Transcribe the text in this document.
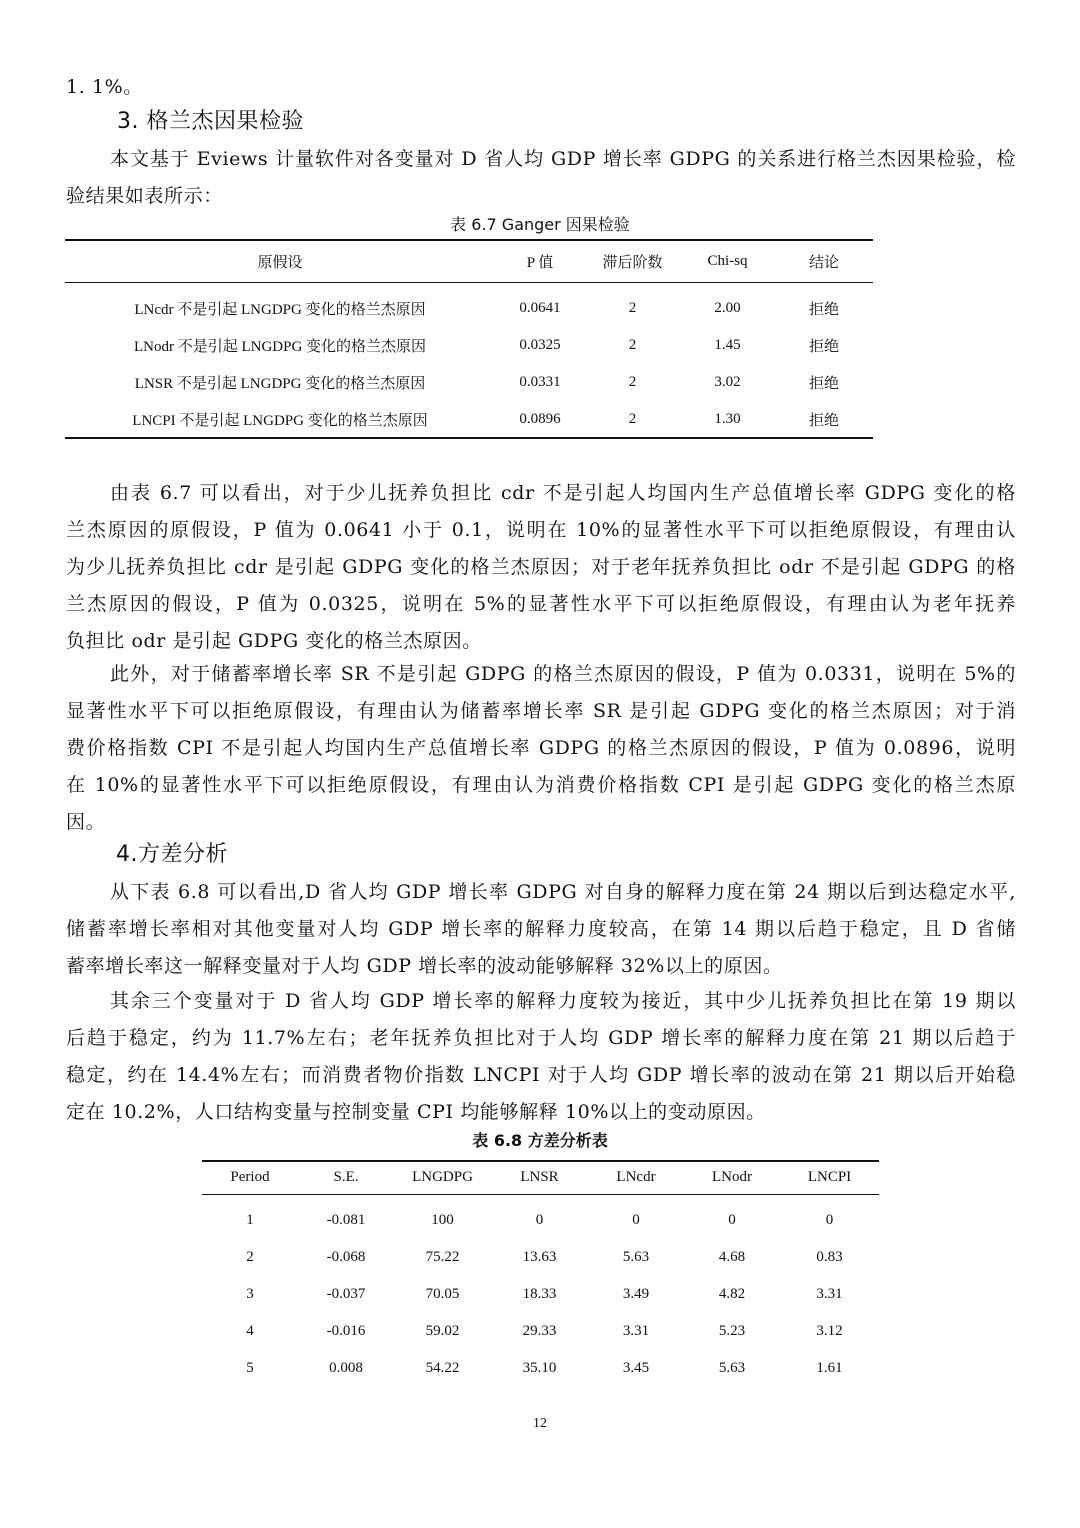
1. 1%。
3. 格兰杰因果检验
本文基于 Eviews 计量软件对各变量对 D 省人均 GDP 增长率 GDPG 的关系进行格兰杰因果检验，检
验结果如表所示：
表 6.7 Ganger 因果检验
原假设	P 值	滞后阶数	Chi-sq	结论
LNcdr 不是引起 LNGDPG 变化的格兰杰原因	0.0641	2	2.00	拒绝
LNodr 不是引起 LNGDPG 变化的格兰杰原因	0.0325	2	1.45	拒绝
LNSR 不是引起 LNGDPG 变化的格兰杰原因	0.0331	2	3.02	拒绝
LNCPI 不是引起 LNGDPG 变化的格兰杰原因	0.0896	2	1.30	拒绝
由表 6.7 可以看出，对于少儿抚养负担比 cdr 不是引起人均国内生产总值增长率 GDPG 变化的格
兰杰原因的原假设，P 值为 0.0641 小于 0.1，说明在 10%的显著性水平下可以拒绝原假设，有理由认
为少儿抚养负担比 cdr 是引起 GDPG 变化的格兰杰原因；对于老年抚养负担比 odr 不是引起 GDPG 的格
兰杰原因的假设，P 值为 0.0325，说明在 5%的显著性水平下可以拒绝原假设，有理由认为老年抚养
负担比 odr 是引起 GDPG 变化的格兰杰原因。
此外，对于储蓄率增长率 SR 不是引起 GDPG 的格兰杰原因的假设，P 值为 0.0331，说明在 5%的
显著性水平下可以拒绝原假设，有理由认为储蓄率增长率 SR 是引起 GDPG 变化的格兰杰原因；对于消
费价格指数 CPI 不是引起人均国内生产总值增长率 GDPG 的格兰杰原因的假设，P 值为 0.0896，说明
在 10%的显著性水平下可以拒绝原假设，有理由认为消费价格指数 CPI 是引起 GDPG 变化的格兰杰原
因。
4.方差分析
从下表 6.8 可以看出,D 省人均 GDP 增长率 GDPG 对自身的解释力度在第 24 期以后到达稳定水平,
储蓄率增长率相对其他变量对人均 GDP 增长率的解释力度较高，在第 14 期以后趋于稳定，且 D 省储
蓄率增长率这一解释变量对于人均 GDP 增长率的波动能够解释 32%以上的原因。
其余三个变量对于 D 省人均 GDP 增长率的解释力度较为接近，其中少儿抚养负担比在第 19 期以
后趋于稳定，约为 11.7%左右；老年抚养负担比对于人均 GDP 增长率的解释力度在第 21 期以后趋于
稳定，约在 14.4%左右；而消费者物价指数 LNCPI 对于人均 GDP 增长率的波动在第 21 期以后开始稳
定在 10.2%，人口结构变量与控制变量 CPI 均能够解释 10%以上的变动原因。
表 6.8 方差分析表
Period	S.E.	LNGDPG	LNSR	LNcdr	LNodr	LNCPI
1	-0.081	100	0	0	0	0
2	-0.068	75.22	13.63	5.63	4.68	0.83
3	-0.037	70.05	18.33	3.49	4.82	3.31
4	-0.016	59.02	29.33	3.31	5.23	3.12
5	0.008	54.22	35.10	3.45	5.63	1.61
12
